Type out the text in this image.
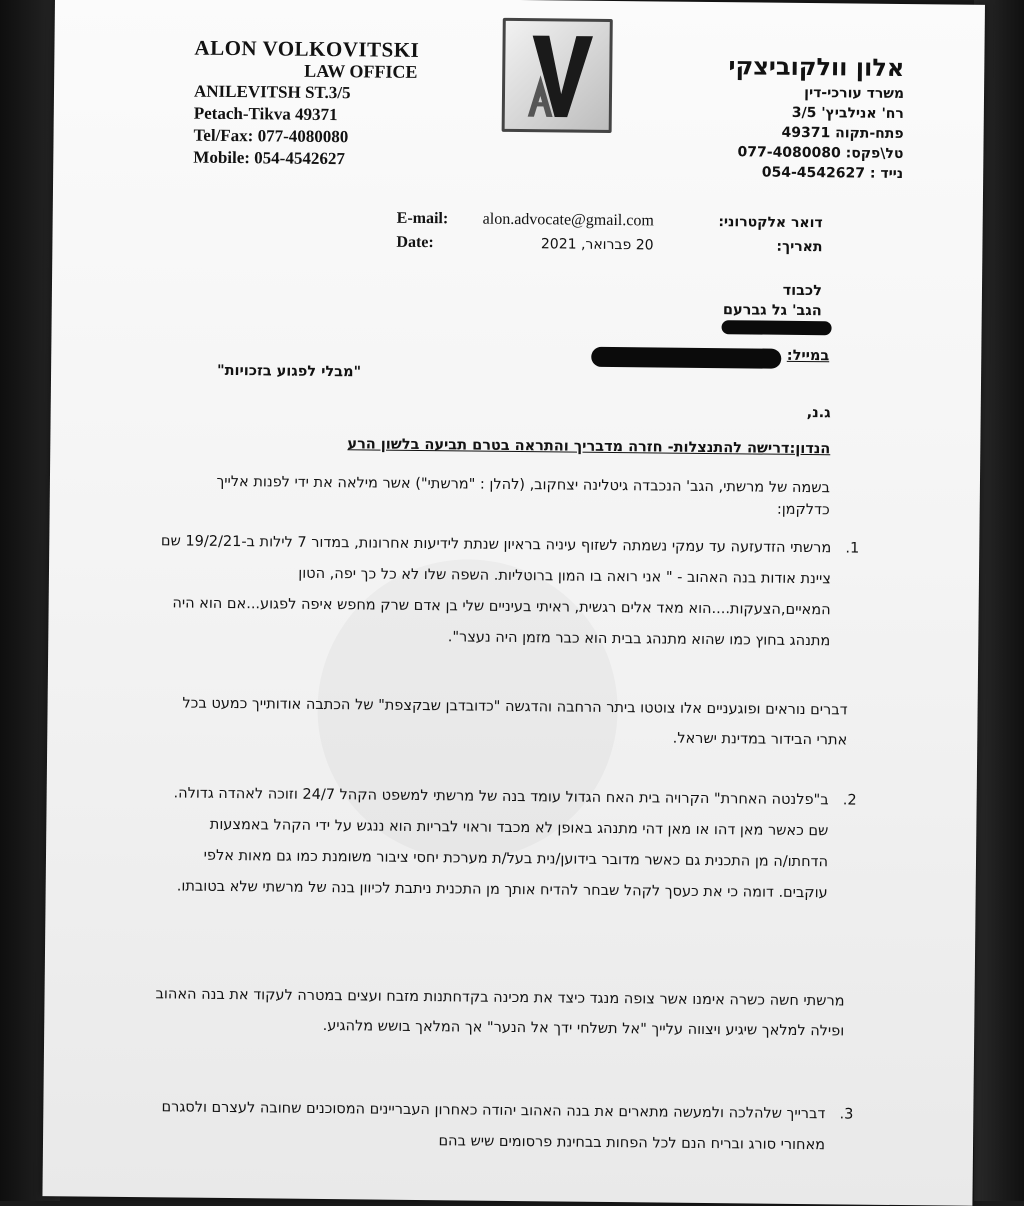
ALON VOLKOVITSKI
LAW OFFICE
ANILEVITSH ST.3/5
Petach-Tikva 49371
Tel/Fax: 077-4080080
Mobile: 054-4542627
אלון וולקוביצקי
משרד עורכי-דין
רח' אנילביץ' 3/5
פתח-תקוה 49371
טל\פקס: 077-4080080
נייד : 054-4542627
E-mail:
Date:
alon.advocate@gmail.com
20 פברואר, 2021
דואר אלקטרוני:
תאריך:
לכבוד
הגב' גל גברעם
במייל:
"מבלי לפגוע בזכויות"
ג.נ,
הנדון:דרישה להתנצלות- חזרה מדבריך והתראה בטרם תביעה בלשון הרע
בשמה של מרשתי, הגב' הנכבדה גיטלינה יצחקוב, (להלן : "מרשתי") אשר מילאה את ידי לפנות אלייך כדלקמן:
1.
מרשתי הזדעזעה עד עמקי נשמתה לשזוף עיניה בראיון שנתת לידיעות אחרונות, במדור 7 לילות ב-19/2/21 שם ציינת אודות בנה האהוב - " אני רואה בו המון ברוטליות. השפה שלו לא כל כך יפה, הטון המאיים,הצעקות....הוא מאד אלים רגשית, ראיתי בעיניים שלי בן אדם שרק מחפש איפה לפגוע...אם הוא היה מתנהג בחוץ כמו שהוא מתנהג בבית הוא כבר מזמן היה נעצר".
דברים נוראים ופוגעניים אלו צוטטו ביתר הרחבה והדגשה "כדובדבן שבקצפת" של הכתבה אודותייך כמעט בכל אתרי הבידור במדינת ישראל.
2.
ב"פלנטה האחרת" הקרויה בית האח הגדול עומד בנה של מרשתי למשפט הקהל 24/7 וזוכה לאהדה גדולה. שם כאשר מאן דהו או מאן דהי מתנהג באופן לא מכבד וראוי לבריות הוא ננגש על ידי הקהל באמצעות הדחתו/ה מן התכנית גם כאשר מדובר בידוען/נית בעל/ת מערכת יחסי ציבור משומנת כמו גם מאות אלפי עוקבים. דומה כי את כעסך לקהל שבחר להדיח אותך מן התכנית ניתבת לכיוון בנה של מרשתי שלא בטובתו.
מרשתי חשה כשרה אימנו אשר צופה מנגד כיצד את מכינה בקדחתנות מזבח ועצים במטרה לעקוד את בנה האהוב ופילה למלאך שיגיע ויצווה עלייך "אל תשלחי ידך אל הנער" אך המלאך בושש מלהגיע.
3.
דברייך שלהלכה ולמעשה מתארים את בנה האהוב יהודה כאחרון העבריינים המסוכנים שחובה לעצרם ולסגרם מאחורי סורג ובריח הנם לכל הפחות בבחינת פרסומים שיש בהם
